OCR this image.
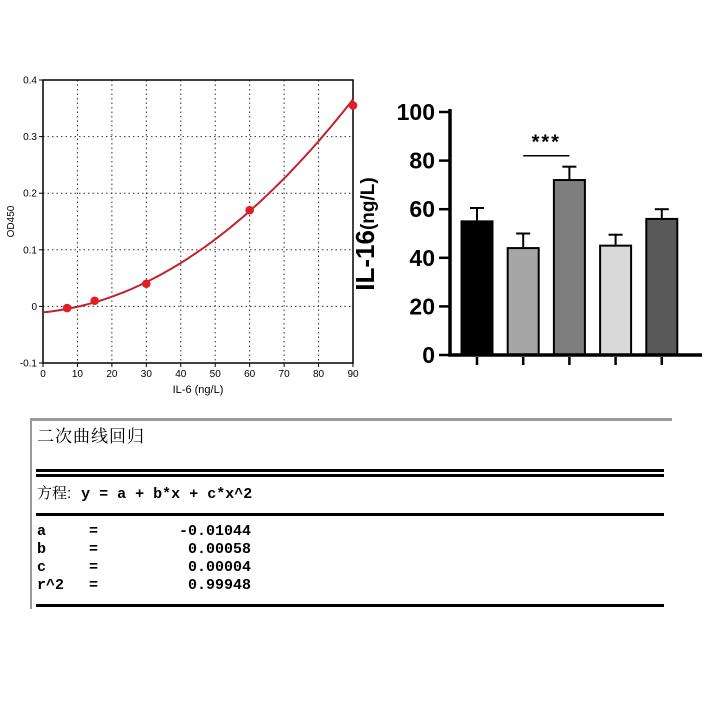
0	10 20 30 40 50 60 70 80 90
-0.1
0
0.1
0.2
0.3
0.4
IL-6 (ng/L)
OD450
0
20
40
60
80
100
***
IL-16(ng/L)
二次曲线回归
方程: y = a + b*x + c*x^2
a	=	-0.01044
b	=	0.00058
c	=	0.00004
r^2 =	0.99948
